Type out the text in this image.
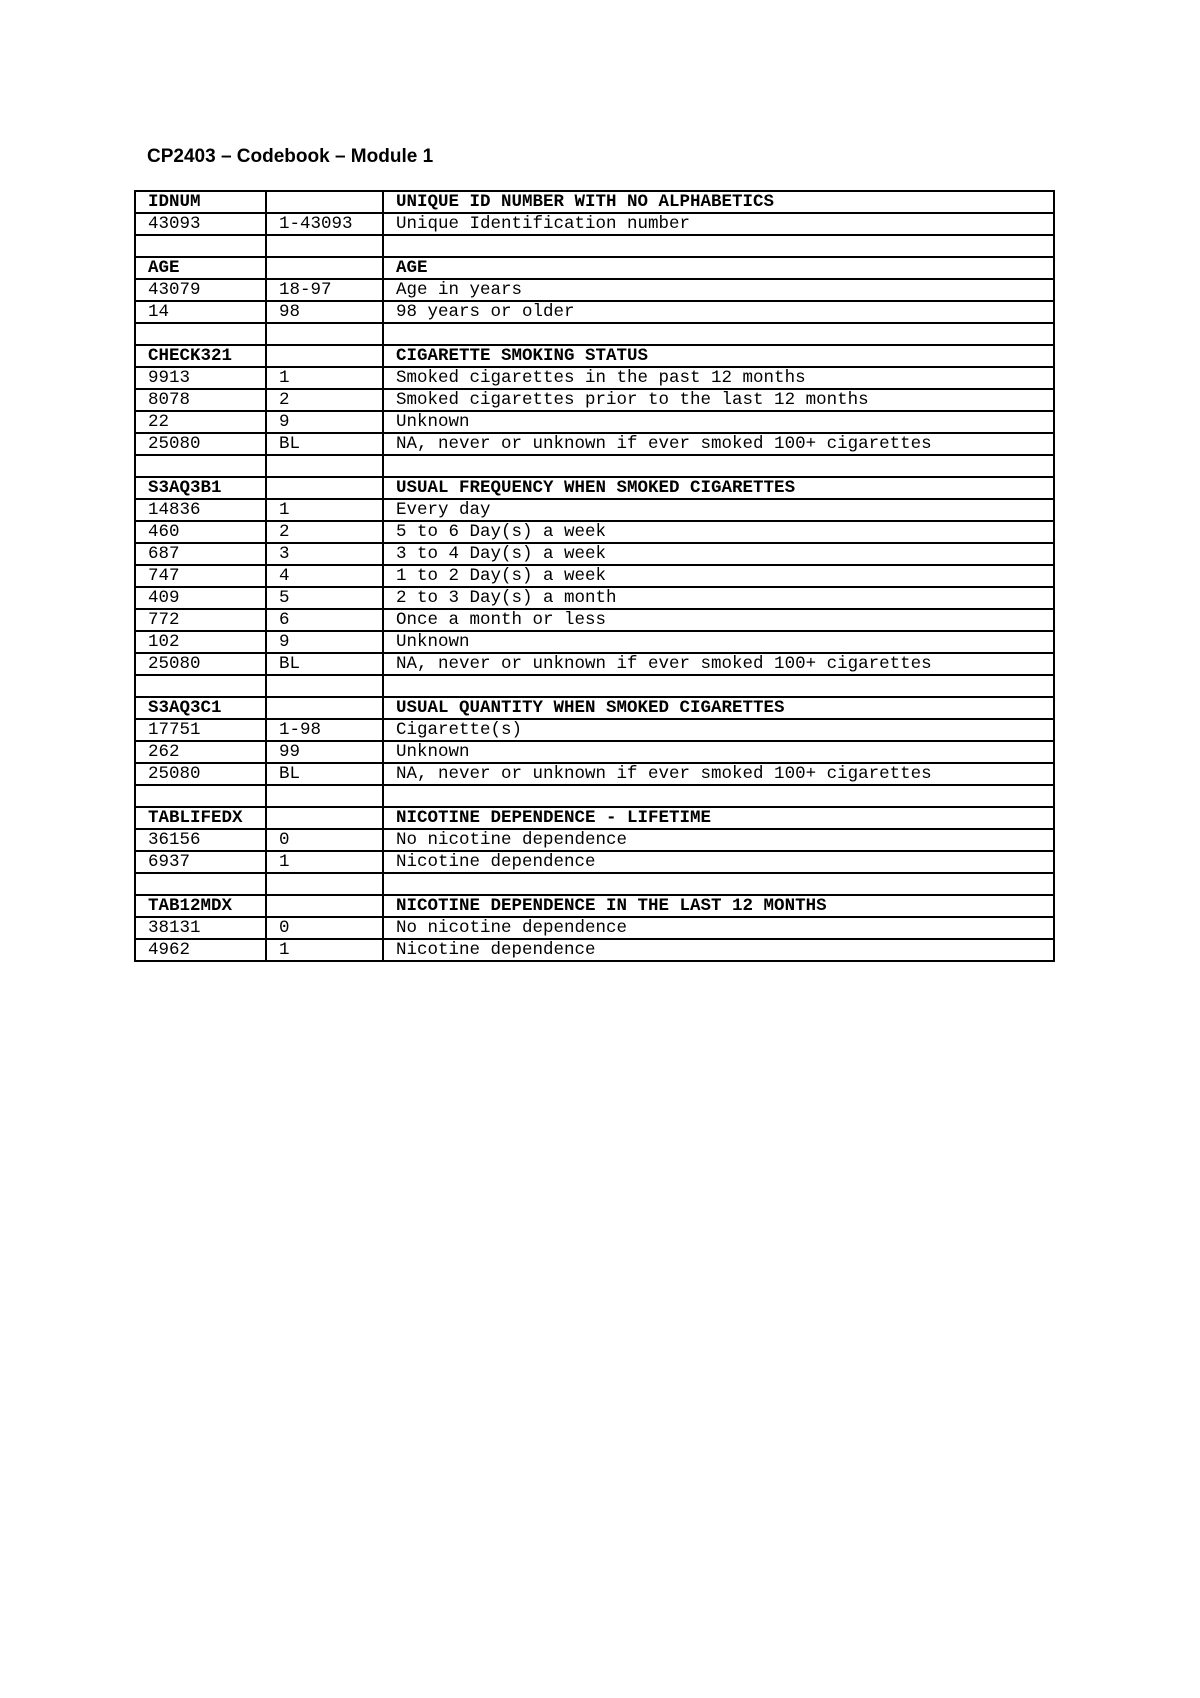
CP2403 – Codebook – Module 1
IDNUM		UNIQUE ID NUMBER WITH NO ALPHABETICS
43093	1-43093	Unique Identification number

AGE		AGE
43079	18-97	Age in years
14	98	98 years or older

CHECK321		CIGARETTE SMOKING STATUS
9913	1	Smoked cigarettes in the past 12 months
8078	2	Smoked cigarettes prior to the last 12 months
22	9	Unknown
25080	BL	NA, never or unknown if ever smoked 100+ cigarettes

S3AQ3B1		USUAL FREQUENCY WHEN SMOKED CIGARETTES
14836	1	Every day
460	2	5 to 6 Day(s) a week
687	3	3 to 4 Day(s) a week
747	4	1 to 2 Day(s) a week
409	5	2 to 3 Day(s) a month
772	6	Once a month or less
102	9	Unknown
25080	BL	NA, never or unknown if ever smoked 100+ cigarettes

S3AQ3C1		USUAL QUANTITY WHEN SMOKED CIGARETTES
17751	1-98	Cigarette(s)
262	99	Unknown
25080	BL	NA, never or unknown if ever smoked 100+ cigarettes

TABLIFEDX		NICOTINE DEPENDENCE - LIFETIME
36156	0	No nicotine dependence
6937	1	Nicotine dependence

TAB12MDX		NICOTINE DEPENDENCE IN THE LAST 12 MONTHS
38131	0	No nicotine dependence
4962	1	Nicotine dependence
